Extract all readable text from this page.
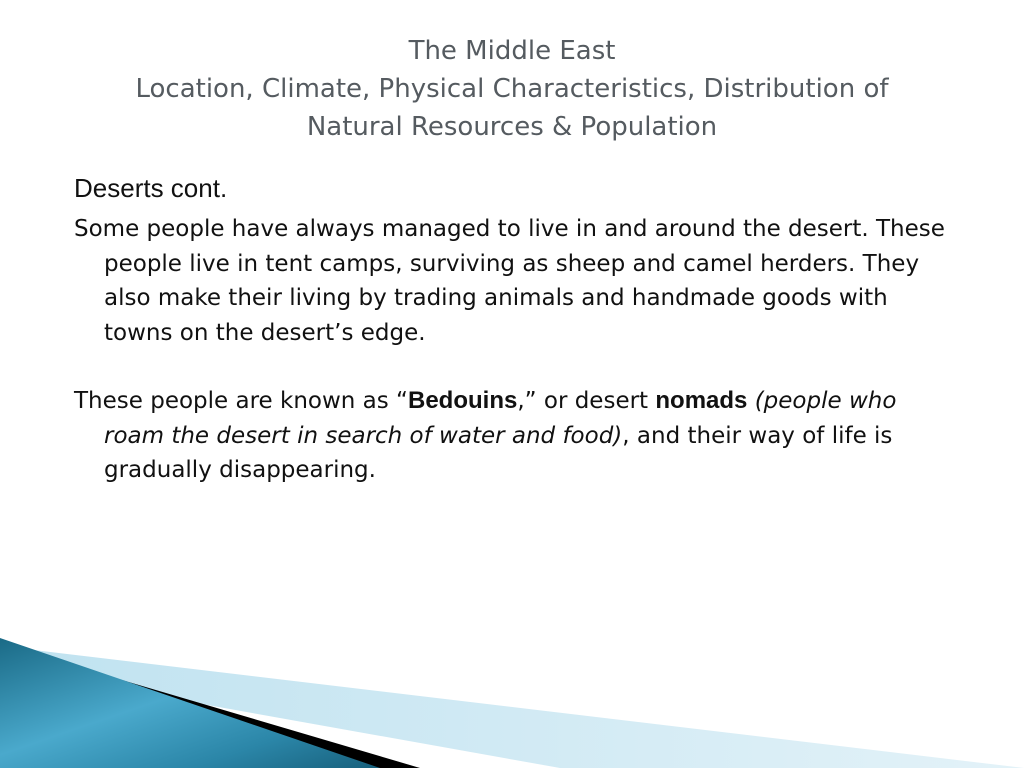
The Middle East
Location, Climate, Physical Characteristics, Distribution of
Natural Resources & Population
Deserts cont.

Some people have always managed to live in and around the desert. These people live in tent camps, surviving as sheep and camel herders. They also make their living by trading animals and handmade goods with towns on the desert’s edge.

These people are known as “Bedouins,” or desert nomads (people who roam the desert in search of water and food), and their way of life is gradually disappearing.
